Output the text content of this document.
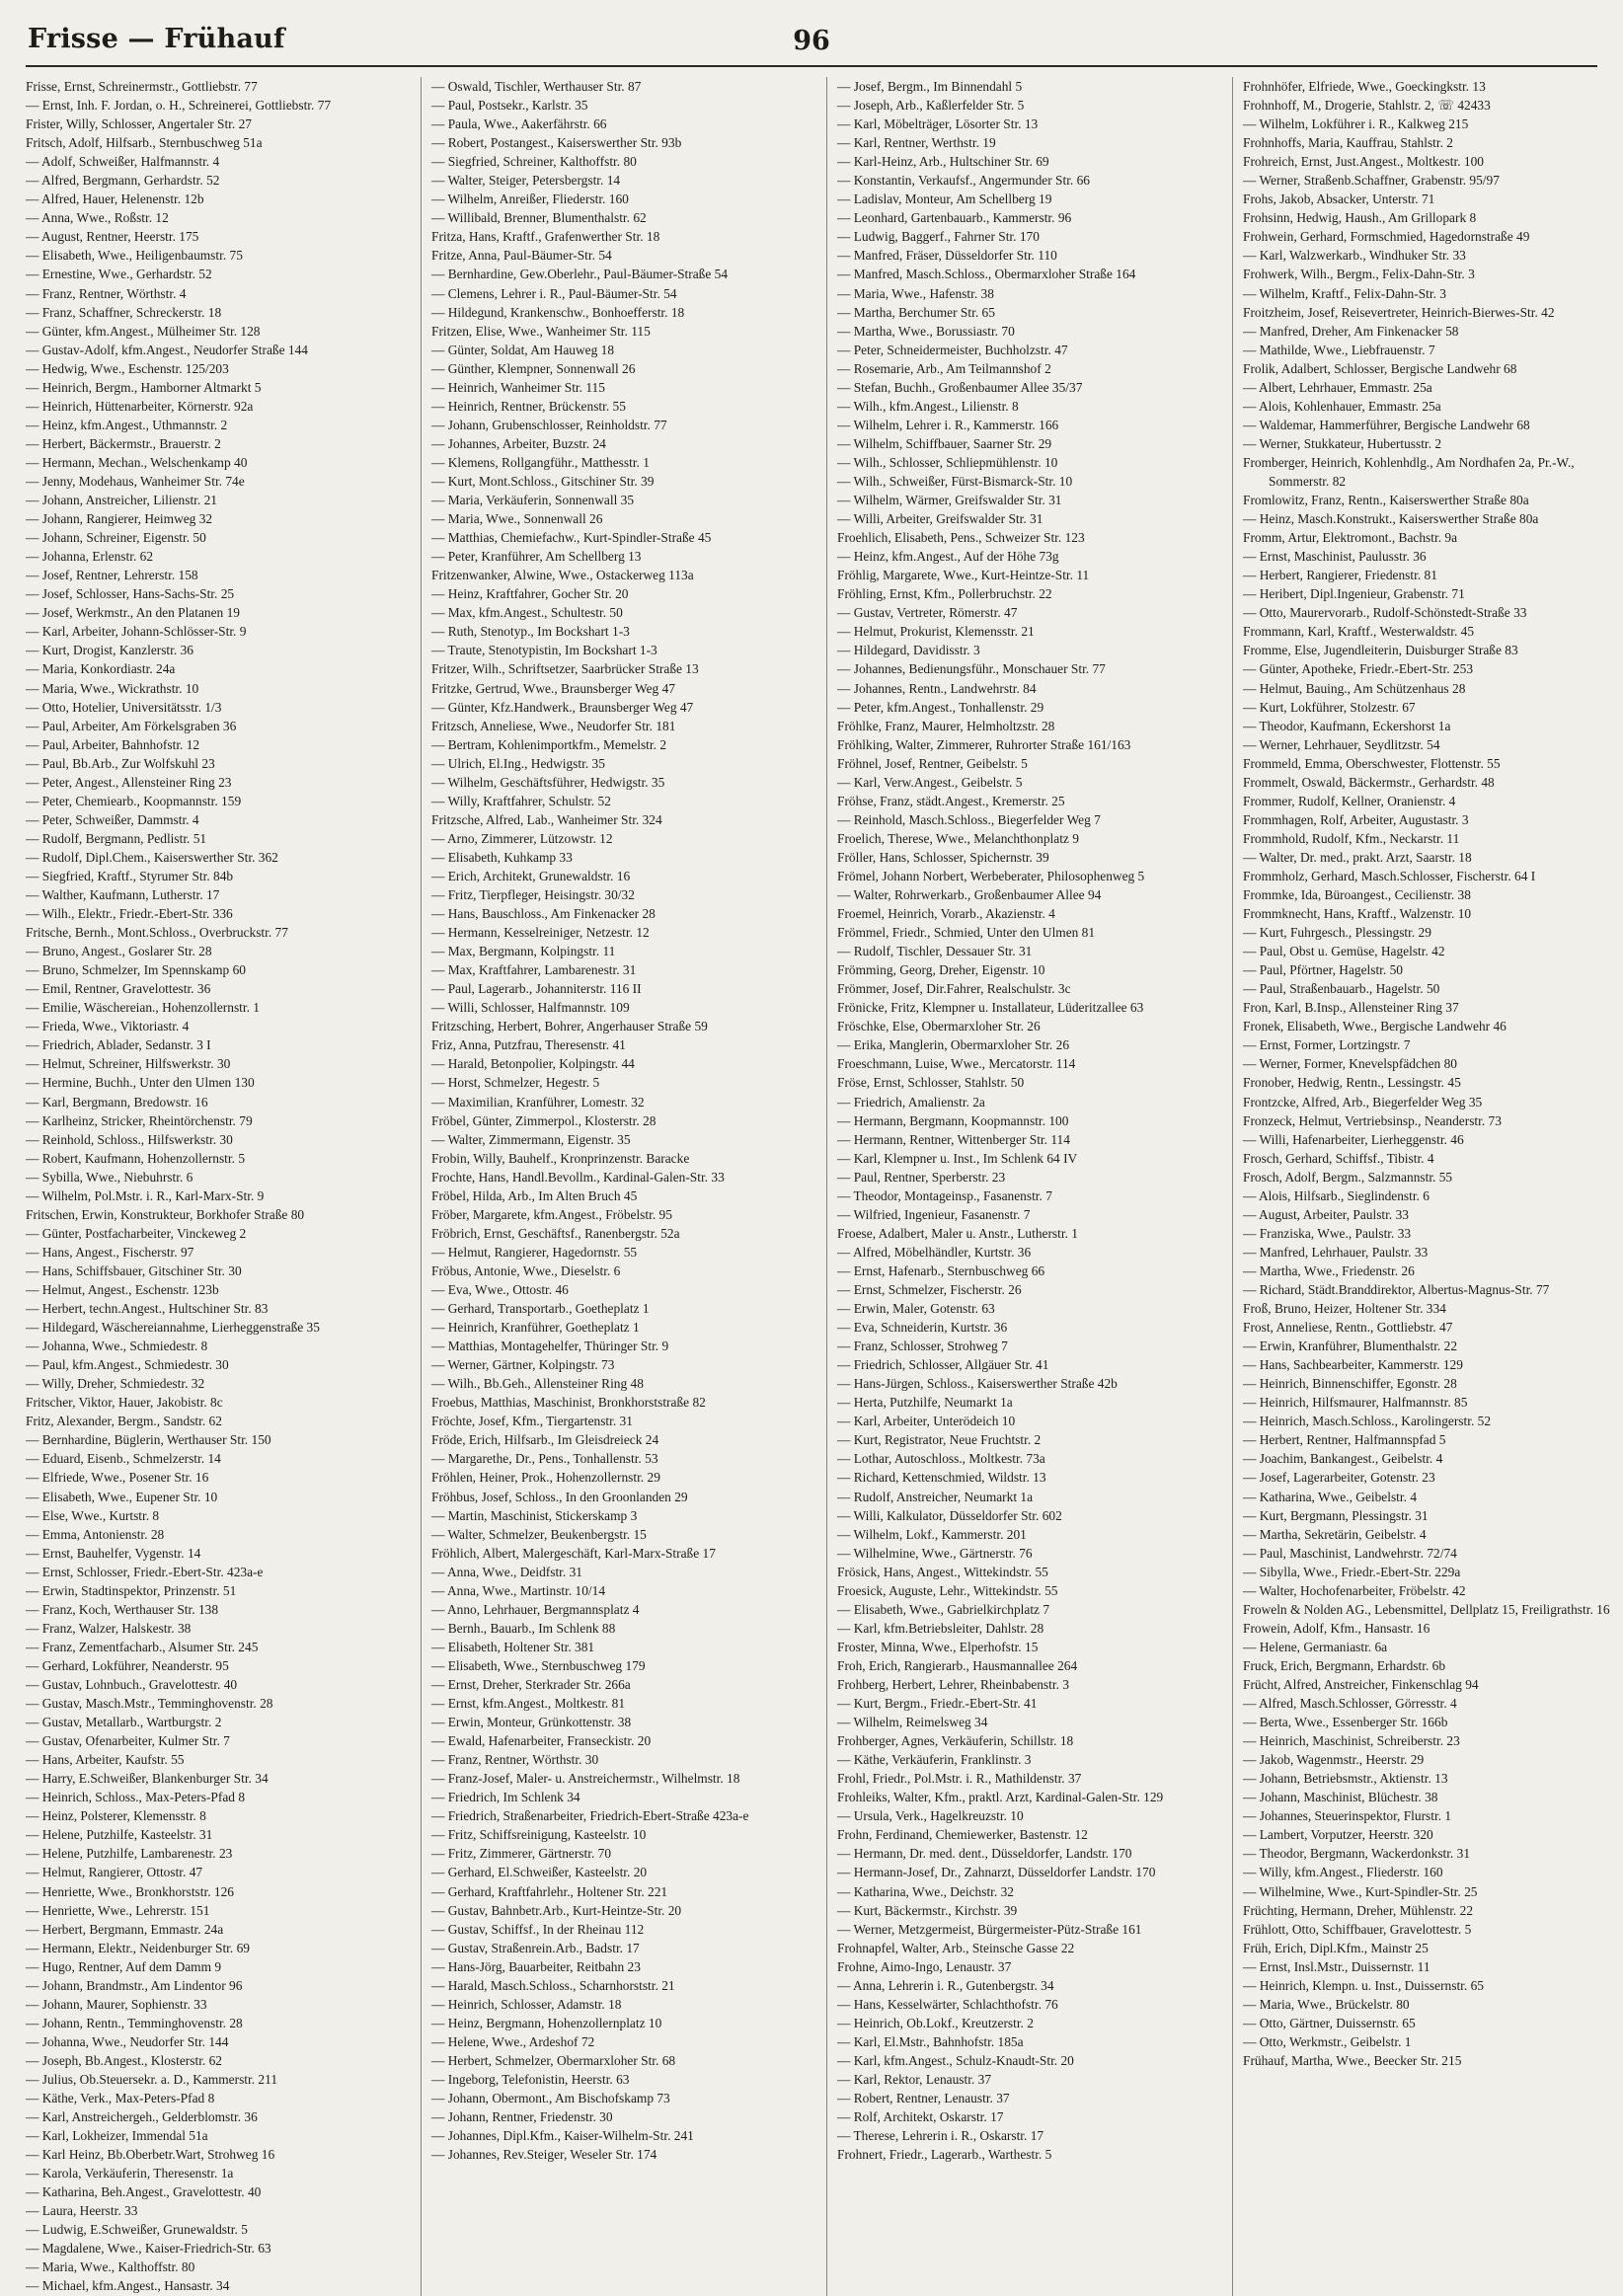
Frisse — Frühauf	96
Frisse, Ernst, Schreinermstr., Gottliebstr. 77
— Ernst, Inh. F. Jordan, o. H., Schreinerei, Gottliebstr. 77
Frister, Willy, Schlosser, Angertaler Str. 27
Fritsch, Adolf, Hilfsarb., Sternbuschweg 51a
— Adolf, Schweißer, Halfmannstr. 4
— Alfred, Bergmann, Gerhardstr. 52
— Alfred, Hauer, Helenenstr. 12b
— Anna, Wwe., Roßstr. 12
— August, Rentner, Heerstr. 175
— Elisabeth, Wwe., Heiligenbaumstr. 75
— Ernestine, Wwe., Gerhardstr. 52
— Franz, Rentner, Wörthstr. 4
— Franz, Schaffner, Schreckerstr. 18
— Günter, kfm.Angest., Mülheimer Str. 128
— Gustav-Adolf, kfm.Angest., Neudorfer Straße 144
— Hedwig, Wwe., Eschenstr. 125/203
— Heinrich, Bergm., Hamborner Altmarkt 5
— Heinrich, Hüttenarbeiter, Körnerstr. 92a
— Heinz, kfm.Angest., Uthmannstr. 2
— Herbert, Bäckermstr., Brauerstr. 2
— Hermann, Mechan., Welschenkamp 40
— Jenny, Modehaus, Wanheimer Str. 74e
— Johann, Anstreicher, Lilienstr. 21
— Johann, Rangierer, Heimweg 32
— Johann, Schreiner, Eigenstr. 50
— Johanna, Erlenstr. 62
— Josef, Rentner, Lehrerstr. 158
— Josef, Schlosser, Hans-Sachs-Str. 25
— Josef, Werkmstr., An den Platanen 19
— Karl, Arbeiter, Johann-Schlösser-Str. 9
— Kurt, Drogist, Kanzlerstr. 36
— Maria, Konkordiastr. 24a
— Maria, Wwe., Wickrathstr. 10
— Otto, Hotelier, Universitätsstr. 1/3
— Paul, Arbeiter, Am Förkelsgraben 36
— Paul, Arbeiter, Bahnhofstr. 12
— Paul, Bb.Arb., Zur Wolfskuhl 23
— Peter, Angest., Allensteiner Ring 23
— Peter, Chemiearb., Koopmannstr. 159
— Peter, Schweißer, Dammstr. 4
— Rudolf, Bergmann, Pedlistr. 51
— Rudolf, Dipl.Chem., Kaiserswerther Str. 362
— Siegfried, Kraftf., Styrumer Str. 84b
— Walther, Kaufmann, Lutherstr. 17
— Wilh., Elektr., Friedr.-Ebert-Str. 336
Fritsche, Bernh., Mont.Schloss., Overbruckstr. 77
— Bruno, Angest., Goslarer Str. 28
— Bruno, Schmelzer, Im Spennskamp 60
— Emil, Rentner, Gravelottestr. 36
— Emilie, Wäschereian., Hohenzollernstr. 1
— Frieda, Wwe., Viktoriastr. 4
— Friedrich, Ablader, Sedanstr. 3 I
— Helmut, Schreiner, Hilfswerkstr. 30
— Hermine, Buchh., Unter den Ulmen 130
— Karl, Bergmann, Bredowstr. 16
— Karlheinz, Stricker, Rheintörchenstr. 79
— Reinhold, Schloss., Hilfswerkstr. 30
— Robert, Kaufmann, Hohenzollernstr. 5
— Sybilla, Wwe., Niebuhrstr. 6
— Wilhelm, Pol.Mstr. i. R., Karl-Marx-Str. 9
Fritschen, Erwin, Konstrukteur, Borkhofer Straße 80
— Günter, Postfacharbeiter, Vinckeweg 2
— Hans, Angest., Fischerstr. 97
— Hans, Schiffsbauer, Gitschiner Str. 30
— Helmut, Angest., Eschenstr. 123b
— Herbert, techn.Angest., Hultschiner Str. 83
— Hildegard, Wäschereiannahme, Lierheggenstraße 35
— Johanna, Wwe., Schmiedestr. 8
— Paul, kfm.Angest., Schmiedestr. 30
— Willy, Dreher, Schmiedestr. 32
Fritscher, Viktor, Hauer, Jakobistr. 8c
Fritz, Alexander, Bergm., Sandstr. 62
— Bernhardine, Büglerin, Werthauser Str. 150
— Eduard, Eisenb., Schmelzerstr. 14
— Elfriede, Wwe., Posener Str. 16
— Elisabeth, Wwe., Eupener Str. 10
— Else, Wwe., Kurtstr. 8
— Emma, Antonienstr. 28
— Ernst, Bauhelfer, Vygenstr. 14
— Ernst, Schlosser, Friedr.-Ebert-Str. 423a-e
— Erwin, Stadtinspektor, Prinzenstr. 51
— Franz, Koch, Werthauser Str. 138
— Franz, Walzer, Halskestr. 38
— Franz, Zementfacharb., Alsumer Str. 245
— Gerhard, Lokführer, Neanderstr. 95
— Gustav, Lohnbuch., Gravelottestr. 40
— Gustav, Masch.Mstr., Temminghovenstr. 28
— Gustav, Metallarb., Wartburgstr. 2
— Gustav, Ofenarbeiter, Kulmer Str. 7
— Hans, Arbeiter, Kaufstr. 55
— Harry, E.Schweißer, Blankenburger Str. 34
— Heinrich, Schloss., Max-Peters-Pfad 8
— Heinz, Polsterer, Klemensstr. 8
— Helene, Putzhilfe, Kasteelstr. 31
— Helene, Putzhilfe, Lambarenestr. 23
— Helmut, Rangierer, Ottostr. 47
— Henriette, Wwe., Bronkhorststr. 126
— Henriette, Wwe., Lehrerstr. 151
— Herbert, Bergmann, Emmastr. 24a
— Hermann, Elektr., Neidenburger Str. 69
— Hugo, Rentner, Auf dem Damm 9
— Johann, Brandmstr., Am Lindentor 96
— Johann, Maurer, Sophienstr. 33
— Johann, Rentn., Temminghovenstr. 28
— Johanna, Wwe., Neudorfer Str. 144
— Joseph, Bb.Angest., Klosterstr. 62
— Julius, Ob.Steuersekr. a. D., Kammerstr. 211
— Käthe, Verk., Max-Peters-Pfad 8
— Karl, Anstreichergeh., Gelderblomstr. 36
— Karl, Lokheizer, Immendal 51a
— Karl Heinz, Bb.Oberbetr.Wart, Strohweg 16
— Karola, Verkäuferin, Theresenstr. 1a
— Katharina, Beh.Angest., Gravelottestr. 40
— Laura, Heerstr. 33
— Ludwig, E.Schweißer, Grunewaldstr. 5
— Magdalene, Wwe., Kaiser-Friedrich-Str. 63
— Maria, Wwe., Kalthoffstr. 80
— Michael, kfm.Angest., Hansastr. 34
— Oswald, Tischler, Werthauser Str. 87
— Paul, Postsekr., Karlstr. 35
— Paula, Wwe., Aakerfährstr. 66
— Robert, Postangest., Kaiserswerther Str. 93b
— Siegfried, Schreiner, Kalthoffstr. 80
— Walter, Steiger, Petersbergstr. 14
— Wilhelm, Anreißer, Fliederstr. 160
— Willibald, Brenner, Blumenthalstr. 62
Fritza, Hans, Kraftf., Grafenwerther Str. 18
Fritze, Anna, Paul-Bäumer-Str. 54
— Bernhardine, Gew.Oberlehr., Paul-Bäumer-Straße 54
— Clemens, Lehrer i. R., Paul-Bäumer-Str. 54
— Hildegund, Krankenschw., Bonhoefferstr. 18
Fritzen, Elise, Wwe., Wanheimer Str. 115
— Günter, Soldat, Am Hauweg 18
— Günther, Klempner, Sonnenwall 26
— Heinrich, Wanheimer Str. 115
— Heinrich, Rentner, Brückenstr. 55
— Johann, Grubenschlosser, Reinholdstr. 77
— Johannes, Arbeiter, Buzstr. 24
— Klemens, Rollgangführ., Matthesstr. 1
— Kurt, Mont.Schloss., Gitschiner Str. 39
— Maria, Verkäuferin, Sonnenwall 35
— Maria, Wwe., Sonnenwall 26
— Matthias, Chemiefachw., Kurt-Spindler-Straße 45
— Peter, Kranführer, Am Schellberg 13
Fritzenwanker, Alwine, Wwe., Ostackerweg 113a
— Heinz, Kraftfahrer, Gocher Str. 20
— Max, kfm.Angest., Schultestr. 50
— Ruth, Stenotyp., Im Bockshart 1-3
— Traute, Stenotypistin, Im Bockshart 1-3
Fritzer, Wilh., Schriftsetzer, Saarbrücker Straße 13
Fritzke, Gertrud, Wwe., Braunsberger Weg 47
— Günter, Kfz.Handwerk., Braunsberger Weg 47
Fritzsch, Anneliese, Wwe., Neudorfer Str. 181
— Bertram, Kohlenimportkfm., Memelstr. 2
— Ulrich, El.Ing., Hedwigstr. 35
— Wilhelm, Geschäftsführer, Hedwigstr. 35
— Willy, Kraftfahrer, Schulstr. 52
Fritzsche, Alfred, Lab., Wanheimer Str. 324
— Arno, Zimmerer, Lützowstr. 12
— Elisabeth, Kuhkamp 33
— Erich, Architekt, Grunewaldstr. 16
— Fritz, Tierpfleger, Heisingstr. 30/32
— Hans, Bauschloss., Am Finkenacker 28
— Hermann, Kesselreiniger, Netzestr. 12
— Max, Bergmann, Kolpingstr. 11
— Max, Kraftfahrer, Lambarenestr. 31
— Paul, Lagerarb., Johanniterstr. 116 II
— Willi, Schlosser, Halfmannstr. 109
Fritzsching, Herbert, Bohrer, Angerhauser Straße 59
Friz, Anna, Putzfrau, Theresenstr. 41
— Harald, Betonpolier, Kolpingstr. 44
— Horst, Schmelzer, Hegestr. 5
— Maximilian, Kranführer, Lomestr. 32
Fröbel, Günter, Zimmerpol., Klosterstr. 28
— Walter, Zimmermann, Eigenstr. 35
Frobin, Willy, Bauhelf., Kronprinzenstr. Baracke
Frochte, Hans, Handl.Bevollm., Kardinal-Galen-Str. 33
Fröbel, Hilda, Arb., Im Alten Bruch 45
Fröber, Margarete, kfm.Angest., Fröbelstr. 95
Fröbrich, Ernst, Geschäftsf., Ranenbergstr. 52a
— Helmut, Rangierer, Hagedornstr. 55
Fröbus, Antonie, Wwe., Dieselstr. 6
— Eva, Wwe., Ottostr. 46
— Gerhard, Transportarb., Goetheplatz 1
— Heinrich, Kranführer, Goetheplatz 1
— Matthias, Montagehelfer, Thüringer Str. 9
— Werner, Gärtner, Kolpingstr. 73
— Wilh., Bb.Geh., Allensteiner Ring 48
Froebus, Matthias, Maschinist, Bronkhorststraße 82
Fröchte, Josef, Kfm., Tiergartenstr. 31
Fröde, Erich, Hilfsarb., Im Gleisdreieck 24
— Margarethe, Dr., Pens., Tonhallenstr. 53
Fröhlen, Heiner, Prok., Hohenzollernstr. 29
Fröhbus, Josef, Schloss., In den Groonlanden 29
— Martin, Maschinist, Stickerskamp 3
— Walter, Schmelzer, Beukenbergstr. 15
Fröhlich, Albert, Malergeschäft, Karl-Marx-Straße 17
— Anna, Wwe., Deidfstr. 31
— Anna, Wwe., Martinstr. 10/14
— Anno, Lehrhauer, Bergmannsplatz 4
— Bernh., Bauarb., Im Schlenk 88
— Elisabeth, Holtener Str. 381
— Elisabeth, Wwe., Sternbuschweg 179
— Ernst, Dreher, Sterkrader Str. 266a
— Ernst, kfm.Angest., Moltkestr. 81
— Erwin, Monteur, Grünkottenstr. 38
— Ewald, Hafenarbeiter, Franseckistr. 20
— Franz, Rentner, Wörthstr. 30
— Franz-Josef, Maler- u. Anstreichermstr., Wilhelmstr. 18
— Friedrich, Im Schlenk 34
— Friedrich, Straßenarbeiter, Friedrich-Ebert-Straße 423a-e
— Fritz, Schiffsreinigung, Kasteelstr. 10
— Fritz, Zimmerer, Gärtnerstr. 70
— Gerhard, El.Schweißer, Kasteelstr. 20
— Gerhard, Kraftfahrlehr., Holtener Str. 221
— Gustav, Bahnbetr.Arb., Kurt-Heintze-Str. 20
— Gustav, Schiffsf., In der Rheinau 112
— Gustav, Straßenrein.Arb., Badstr. 17
— Hans-Jörg, Bauarbeiter, Reitbahn 23
— Harald, Masch.Schloss., Scharnhorststr. 21
— Heinrich, Schlosser, Adamstr. 18
— Heinz, Bergmann, Hohenzollernplatz 10
— Helene, Wwe., Ardeshof 72
— Herbert, Schmelzer, Obermarxloher Str. 68
— Ingeborg, Telefonistin, Heerstr. 63
— Johann, Obermont., Am Bischofskamp 73
— Johann, Rentner, Friedenstr. 30
— Johannes, Dipl.Kfm., Kaiser-Wilhelm-Str. 241
— Johannes, Rev.Steiger, Weseler Str. 174
— Josef, Bergm., Im Binnendahl 5
— Joseph, Arb., Kaßlerfelder Str. 5
— Karl, Möbelträger, Lösorter Str. 13
— Karl, Rentner, Werthstr. 19
— Karl-Heinz, Arb., Hultschiner Str. 69
— Konstantin, Verkaufsf., Angermunder Str. 66
— Ladislav, Monteur, Am Schellberg 19
— Leonhard, Gartenbauarb., Kammerstr. 96
— Ludwig, Baggerf., Fahrner Str. 170
— Manfred, Fräser, Düsseldorfer Str. 110
— Manfred, Masch.Schloss., Obermarxloher Straße 164
— Maria, Wwe., Hafenstr. 38
— Martha, Berchumer Str. 65
— Martha, Wwe., Borussiastr. 70
— Peter, Schneidermeister, Buchholzstr. 47
— Rosemarie, Arb., Am Teilmannshof 2
— Stefan, Buchh., Großenbaumer Allee 35/37
— Wilh., kfm.Angest., Lilienstr. 8
— Wilhelm, Lehrer i. R., Kammerstr. 166
— Wilhelm, Schiffbauer, Saarner Str. 29
— Wilh., Schlosser, Schliepmühlenstr. 10
— Wilh., Schweißer, Fürst-Bismarck-Str. 10
— Wilhelm, Wärmer, Greifswalder Str. 31
— Willi, Arbeiter, Greifswalder Str. 31
Froehlich, Elisabeth, Pens., Schweizer Str. 123
— Heinz, kfm.Angest., Auf der Höhe 73g
Fröhlig, Margarete, Wwe., Kurt-Heintze-Str. 11
Fröhling, Ernst, Kfm., Pollerbruchstr. 22
— Gustav, Vertreter, Römerstr. 47
— Helmut, Prokurist, Klemensstr. 21
— Hildegard, Davidisstr. 3
— Johannes, Bedienungsführ., Monschauer Str. 77
— Johannes, Rentn., Landwehrstr. 84
— Peter, kfm.Angest., Tonhallenstr. 29
Fröhlke, Franz, Maurer, Helmholtzstr. 28
Fröhlking, Walter, Zimmerer, Ruhrorter Straße 161/163
Fröhnel, Josef, Rentner, Geibelstr. 5
— Karl, Verw.Angest., Geibelstr. 5
Fröhse, Franz, städt.Angest., Kremerstr. 25
— Reinhold, Masch.Schloss., Biegerfelder Weg 7
Froelich, Therese, Wwe., Melanchthonplatz 9
Fröller, Hans, Schlosser, Spichernstr. 39
Frömel, Johann Norbert, Werbeberater, Philosophenweg 5
— Walter, Rohrwerkarb., Großenbaumer Allee 94
Froemel, Heinrich, Vorarb., Akazienstr. 4
Frömmel, Friedr., Schmied, Unter den Ulmen 81
— Rudolf, Tischler, Dessauer Str. 31
Frömming, Georg, Dreher, Eigenstr. 10
Frömmer, Josef, Dir.Fahrer, Realschulstr. 3c
Frönicke, Fritz, Klempner u. Installateur, Lüderitzallee 63
Fröschke, Else, Obermarxloher Str. 26
— Erika, Manglerin, Obermarxloher Str. 26
Froeschmann, Luise, Wwe., Mercatorstr. 114
Fröse, Ernst, Schlosser, Stahlstr. 50
— Friedrich, Amalienstr. 2a
— Hermann, Bergmann, Koopmannstr. 100
— Hermann, Rentner, Wittenberger Str. 114
— Karl, Klempner u. Inst., Im Schlenk 64 IV
— Paul, Rentner, Sperberstr. 23
— Theodor, Montageinsp., Fasanenstr. 7
— Wilfried, Ingenieur, Fasanenstr. 7
Froese, Adalbert, Maler u. Anstr., Lutherstr. 1
— Alfred, Möbelhändler, Kurtstr. 36
— Ernst, Hafenarb., Sternbuschweg 66
— Ernst, Schmelzer, Fischerstr. 26
— Erwin, Maler, Gotenstr. 63
— Eva, Schneiderin, Kurtstr. 36
— Franz, Schlosser, Strohweg 7
— Friedrich, Schlosser, Allgäuer Str. 41
— Hans-Jürgen, Schloss., Kaiserswerther Straße 42b
— Herta, Putzhilfe, Neumarkt 1a
— Karl, Arbeiter, Unterödeich 10
— Kurt, Registrator, Neue Fruchtstr. 2
— Lothar, Autoschloss., Moltkestr. 73a
— Richard, Kettenschmied, Wildstr. 13
— Rudolf, Anstreicher, Neumarkt 1a
— Willi, Kalkulator, Düsseldorfer Str. 602
— Wilhelm, Lokf., Kammerstr. 201
— Wilhelmine, Wwe., Gärtnerstr. 76
Frösick, Hans, Angest., Wittekindstr. 55
Froesick, Auguste, Lehr., Wittekindstr. 55
— Elisabeth, Wwe., Gabrielkirchplatz 7
— Karl, kfm.Betriebsleiter, Dahlstr. 28
Froster, Minna, Wwe., Elperhofstr. 15
Froh, Erich, Rangierarb., Hausmannallee 264
Frohberg, Herbert, Lehrer, Rheinbabenstr. 3
— Kurt, Bergm., Friedr.-Ebert-Str. 41
— Wilhelm, Reimelsweg 34
Frohberger, Agnes, Verkäuferin, Schillstr. 18
— Käthe, Verkäuferin, Franklinstr. 3
Frohl, Friedr., Pol.Mstr. i. R., Mathildenstr. 37
Frohleiks, Walter, Kfm., praktl. Arzt, Kardinal-Galen-Str. 129
— Ursula, Verk., Hagelkreuzstr. 10
Frohn, Ferdinand, Chemiewerker, Bastenstr. 12
— Hermann, Dr. med. dent., Düsseldorfer, Landstr. 170
— Hermann-Josef, Dr., Zahnarzt, Düsseldorfer Landstr. 170
— Katharina, Wwe., Deichstr. 32
— Kurt, Bäckermstr., Kirchstr. 39
— Werner, Metzgermeist, Bürgermeister-Pütz-Straße 161
Frohnapfel, Walter, Arb., Steinsche Gasse 22
Frohne, Aimo-Ingo, Lenaustr. 37
— Anna, Lehrerin i. R., Gutenbergstr. 34
— Hans, Kesselwärter, Schlachthofstr. 76
— Heinrich, Ob.Lokf., Kreutzerstr. 2
— Karl, El.Mstr., Bahnhofstr. 185a
— Karl, kfm.Angest., Schulz-Knaudt-Str. 20
— Karl, Rektor, Lenaustr. 37
— Robert, Rentner, Lenaustr. 37
— Rolf, Architekt, Oskarstr. 17
— Therese, Lehrerin i. R., Oskarstr. 17
Frohnert, Friedr., Lagerarb., Warthestr. 5
Frohnhöfer, Elfriede, Wwe., Goeckingkstr. 13
Frohnhoff, M., Drogerie, Stahlstr. 2, ☏ 42433
— Wilhelm, Lokführer i. R., Kalkweg 215
Frohnhoffs, Maria, Kauffrau, Stahlstr. 2
Frohreich, Ernst, Just.Angest., Moltkestr. 100
— Werner, Straßenb.Schaffner, Grabenstr. 95/97
Frohs, Jakob, Absacker, Unterstr. 71
Frohsinn, Hedwig, Haush., Am Grillopark 8
Frohwein, Gerhard, Formschmied, Hagedornstraße 49
— Karl, Walzwerkarb., Windhuker Str. 33
Frohwerk, Wilh., Bergm., Felix-Dahn-Str. 3
— Wilhelm, Kraftf., Felix-Dahn-Str. 3
Froitzheim, Josef, Reisevertreter, Heinrich-Bierwes-Str. 42
— Manfred, Dreher, Am Finkenacker 58
— Mathilde, Wwe., Liebfrauenstr. 7
Frolik, Adalbert, Schlosser, Bergische Landwehr 68
— Albert, Lehrhauer, Emmastr. 25a
— Alois, Kohlenhauer, Emmastr. 25a
— Waldemar, Hammerführer, Bergische Landwehr 68
— Werner, Stukkateur, Hubertusstr. 2
Fromberger, Heinrich, Kohlenhdlg., Am Nordhafen 2a, Pr.-W., Sommerstr. 82
Fromlowitz, Franz, Rentn., Kaiserswerther Straße 80a
— Heinz, Masch.Konstrukt., Kaiserswerther Straße 80a
Fromm, Artur, Elektromont., Bachstr. 9a
— Ernst, Maschinist, Paulusstr. 36
— Herbert, Rangierer, Friedenstr. 81
— Heribert, Dipl.Ingenieur, Grabenstr. 71
— Otto, Maurervorarb., Rudolf-Schönstedt-Straße 33
Frommann, Karl, Kraftf., Westerwaldstr. 45
Fromme, Else, Jugendleiterin, Duisburger Straße 83
— Günter, Apotheke, Friedr.-Ebert-Str. 253
— Helmut, Bauing., Am Schützenhaus 28
— Kurt, Lokführer, Stolzestr. 67
— Theodor, Kaufmann, Eckershorst 1a
— Werner, Lehrhauer, Seydlitzstr. 54
Frommeld, Emma, Oberschwester, Flottenstr. 55
Frommelt, Oswald, Bäckermstr., Gerhardstr. 48
Frommer, Rudolf, Kellner, Oranienstr. 4
Frommhagen, Rolf, Arbeiter, Augustastr. 3
Frommhold, Rudolf, Kfm., Neckarstr. 11
— Walter, Dr. med., prakt. Arzt, Saarstr. 18
Frommholz, Gerhard, Masch.Schlosser, Fischerstr. 64 I
Frommke, Ida, Büroangest., Cecilienstr. 38
Frommknecht, Hans, Kraftf., Walzenstr. 10
— Kurt, Fuhrgesch., Plessingstr. 29
— Paul, Obst u. Gemüse, Hagelstr. 42
— Paul, Pförtner, Hagelstr. 50
— Paul, Straßenbauarb., Hagelstr. 50
Fron, Karl, B.Insp., Allensteiner Ring 37
Fronek, Elisabeth, Wwe., Bergische Landwehr 46
— Ernst, Former, Lortzingstr. 7
— Werner, Former, Knevelspfädchen 80
Fronober, Hedwig, Rentn., Lessingstr. 45
Frontzcke, Alfred, Arb., Biegerfelder Weg 35
Fronzeck, Helmut, Vertriebsinsp., Neanderstr. 73
— Willi, Hafenarbeiter, Lierheggenstr. 46
Frosch, Gerhard, Schiffsf., Tibistr. 4
Frosch, Adolf, Bergm., Salzmannstr. 55
— Alois, Hilfsarb., Sieglindenstr. 6
— August, Arbeiter, Paulstr. 33
— Franziska, Wwe., Paulstr. 33
— Manfred, Lehrhauer, Paulstr. 33
— Martha, Wwe., Friedenstr. 26
— Richard, Städt.Branddirektor, Albertus-Magnus-Str. 77
Froß, Bruno, Heizer, Holtener Str. 334
Frost, Anneliese, Rentn., Gottliebstr. 47
— Erwin, Kranführer, Blumenthalstr. 22
— Hans, Sachbearbeiter, Kammerstr. 129
— Heinrich, Binnenschiffer, Egonstr. 28
— Heinrich, Hilfsmaurer, Halfmannstr. 85
— Heinrich, Masch.Schloss., Karolingerstr. 52
— Herbert, Rentner, Halfmannspfad 5
— Joachim, Bankangest., Geibelstr. 4
— Josef, Lagerarbeiter, Gotenstr. 23
— Katharina, Wwe., Geibelstr. 4
— Kurt, Bergmann, Plessingstr. 31
— Martha, Sekretärin, Geibelstr. 4
— Paul, Maschinist, Landwehrstr. 72/74
— Sibylla, Wwe., Friedr.-Ebert-Str. 229a
— Walter, Hochofenarbeiter, Fröbelstr. 42
Froweln & Nolden AG., Lebensmittel, Dellplatz 15, Freiligrathstr. 16
Frowein, Adolf, Kfm., Hansastr. 16
— Helene, Germaniastr. 6a
Fruck, Erich, Bergmann, Erhardstr. 6b
Frücht, Alfred, Anstreicher, Finkenschlag 94
— Alfred, Masch.Schlosser, Görresstr. 4
— Berta, Wwe., Essenberger Str. 166b
— Heinrich, Maschinist, Schreiberstr. 23
— Jakob, Wagenmstr., Heerstr. 29
— Johann, Betriebsmstr., Aktienstr. 13
— Johann, Maschinist, Blüchestr. 38
— Johannes, Steuerinspektor, Flurstr. 1
— Lambert, Vorputzer, Heerstr. 320
— Theodor, Bergmann, Wackerdonkstr. 31
— Willy, kfm.Angest., Fliederstr. 160
— Wilhelmine, Wwe., Kurt-Spindler-Str. 25
Früchting, Hermann, Dreher, Mühlenstr. 22
Frühlott, Otto, Schiffbauer, Gravelottestr. 5
Früh, Erich, Dipl.Kfm., Mainstr 25
— Ernst, Insl.Mstr., Duissernstr. 11
— Heinrich, Klempn. u. Inst., Duissernstr. 65
— Maria, Wwe., Brückelstr. 80
— Otto, Gärtner, Duissernstr. 65
— Otto, Werkmstr., Geibelstr. 1
Frühauf, Martha, Wwe., Beecker Str. 215
